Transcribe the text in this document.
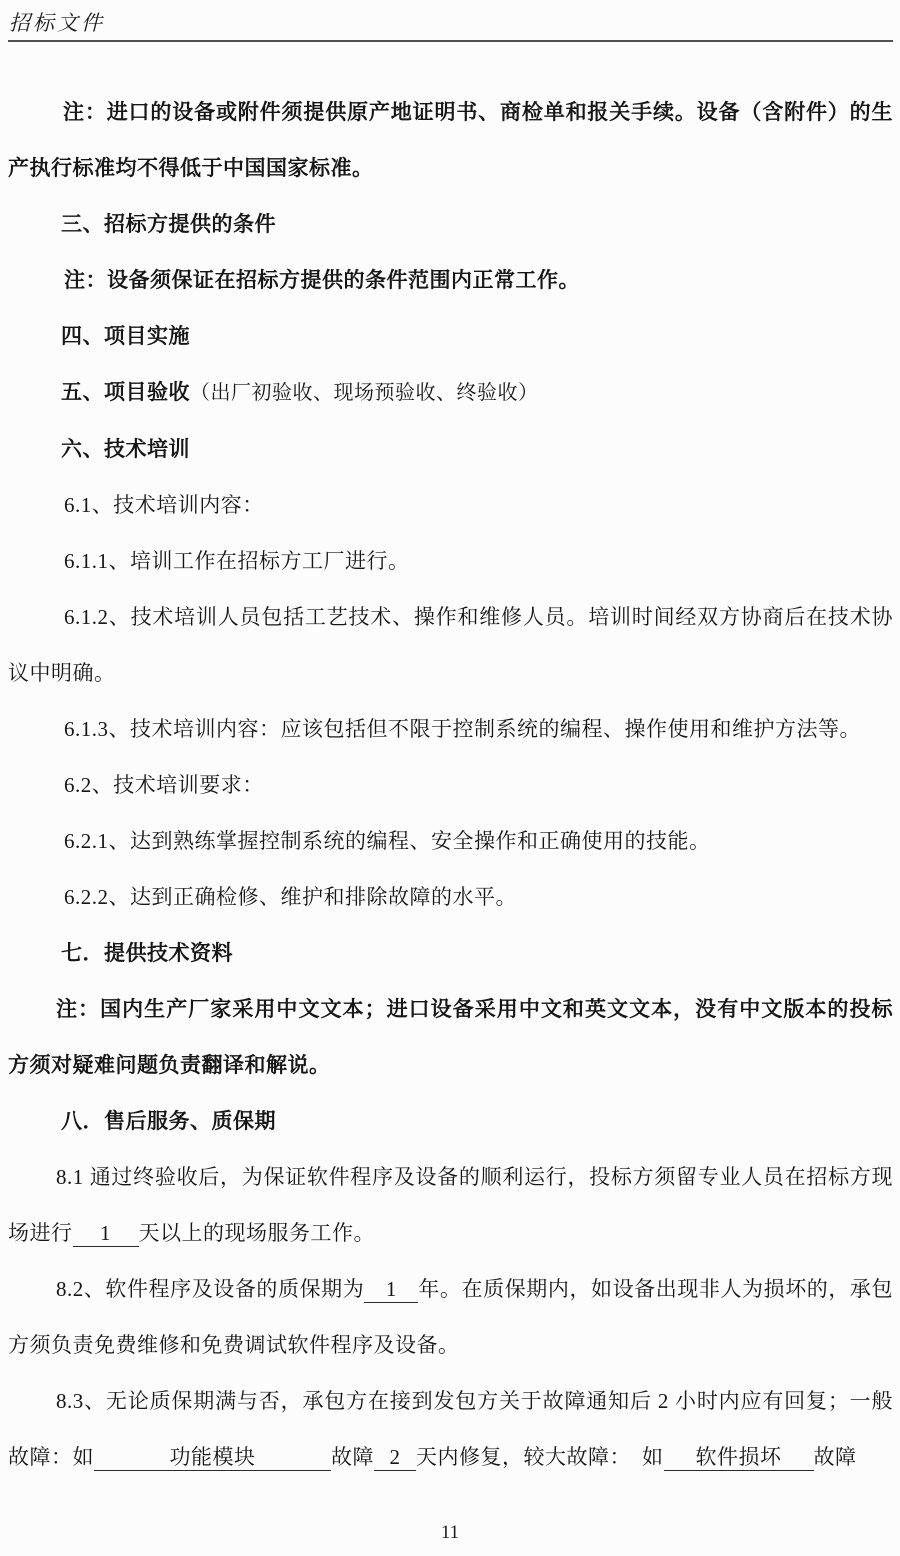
招标文件

注：进口的设备或附件须提供原产地证明书、商检单和报关手续。设备（含附件）的生产执行标准均不得低于中国国家标准。

三、招标方提供的条件

注：设备须保证在招标方提供的条件范围内正常工作。

四、项目实施

五、项目验收（出厂初验收、现场预验收、终验收）

六、技术培训

6.1、技术培训内容：

6.1.1、培训工作在招标方工厂进行。

6.1.2、技术培训人员包括工艺技术、操作和维修人员。培训时间经双方协商后在技术协议中明确。

6.1.3、技术培训内容：应该包括但不限于控制系统的编程、操作使用和维护方法等。

6.2、技术培训要求：

6.2.1、达到熟练掌握控制系统的编程、安全操作和正确使用的技能。

6.2.2、达到正确检修、维护和排除故障的水平。

七．提供技术资料

注：国内生产厂家采用中文文本；进口设备采用中文和英文文本，没有中文版本的投标方须对疑难问题负责翻译和解说。

八．售后服务、质保期

8.1 通过终验收后，为保证软件程序及设备的顺利运行，投标方须留专业人员在招标方现场进行 1 天以上的现场服务工作。

8.2、软件程序及设备的质保期为 1 年。在质保期内，如设备出现非人为损坏的，承包方须负责免费维修和免费调试软件程序及设备。

8.3、无论质保期满与否，承包方在接到发包方关于故障通知后 2 小时内应有回复；一般故障：如	功能模块	故障 2 天内修复，较大故障：　如 软件损坏 故障

11
